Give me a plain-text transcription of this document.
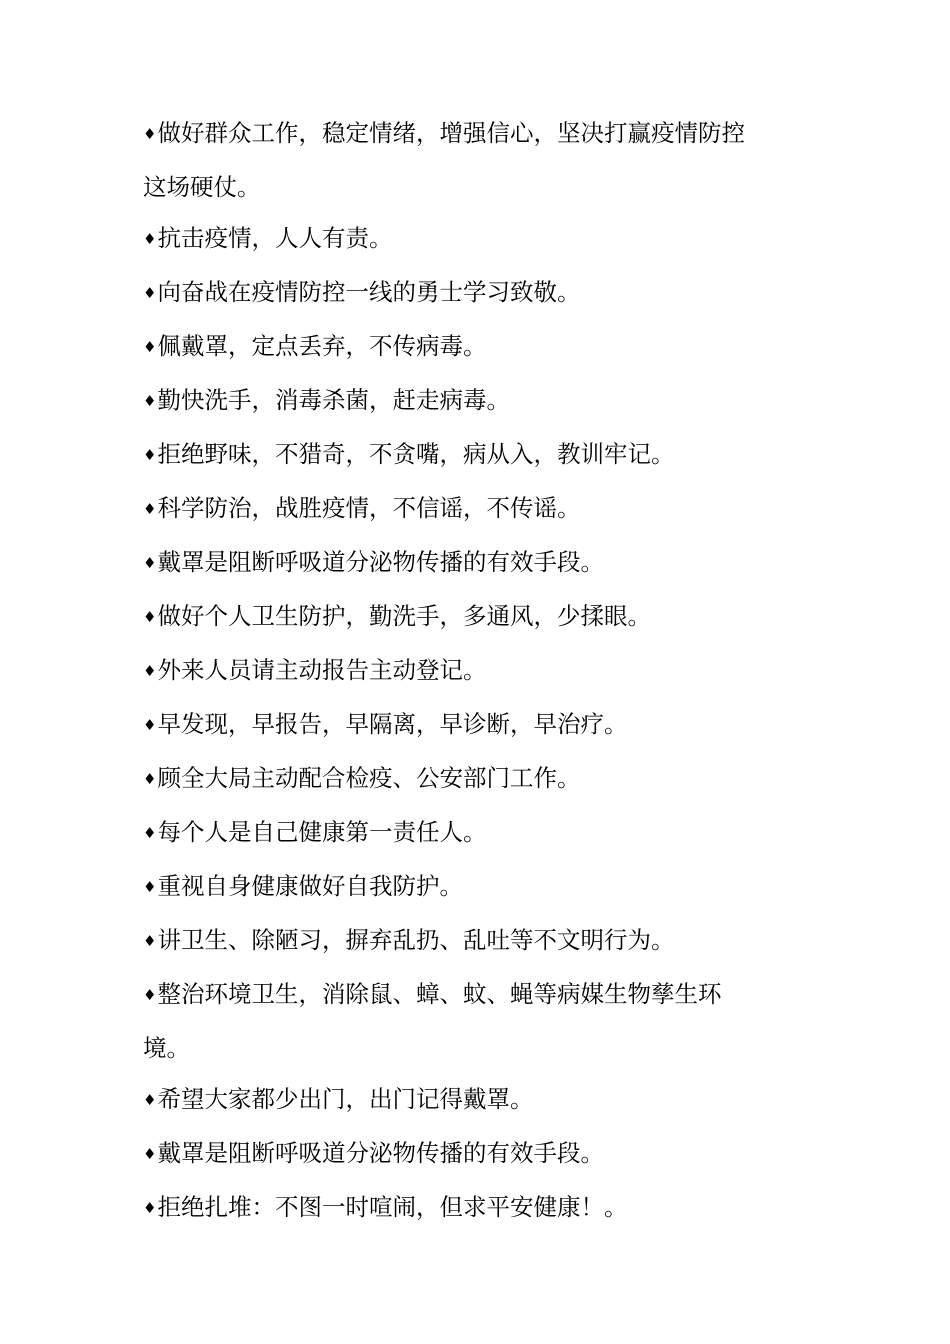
♦做好群众工作，稳定情绪，增强信心，坚决打赢疫情防控这场硬仗。

♦抗击疫情，人人有责。

♦向奋战在疫情防控一线的勇士学习致敬。

♦佩戴罩，定点丢弃，不传病毒。

♦勤快洗手，消毒杀菌，赶走病毒。

♦拒绝野味，不猎奇，不贪嘴，病从入，教训牢记。

♦科学防治，战胜疫情，不信谣，不传谣。

♦戴罩是阻断呼吸道分泌物传播的有效手段。

♦做好个人卫生防护，勤洗手，多通风，少揉眼。

♦外来人员请主动报告主动登记。

♦早发现，早报告，早隔离，早诊断，早治疗。

♦顾全大局主动配合检疫、公安部门工作。

♦每个人是自己健康第一责任人。

♦重视自身健康做好自我防护。

♦讲卫生、除陋习，摒弃乱扔、乱吐等不文明行为。

♦整治环境卫生，消除鼠、蟑、蚊、蝇等病媒生物孳生环境。

♦希望大家都少出门，出门记得戴罩。

♦戴罩是阻断呼吸道分泌物传播的有效手段。

♦拒绝扎堆：不图一时喧闹，但求平安健康！。
